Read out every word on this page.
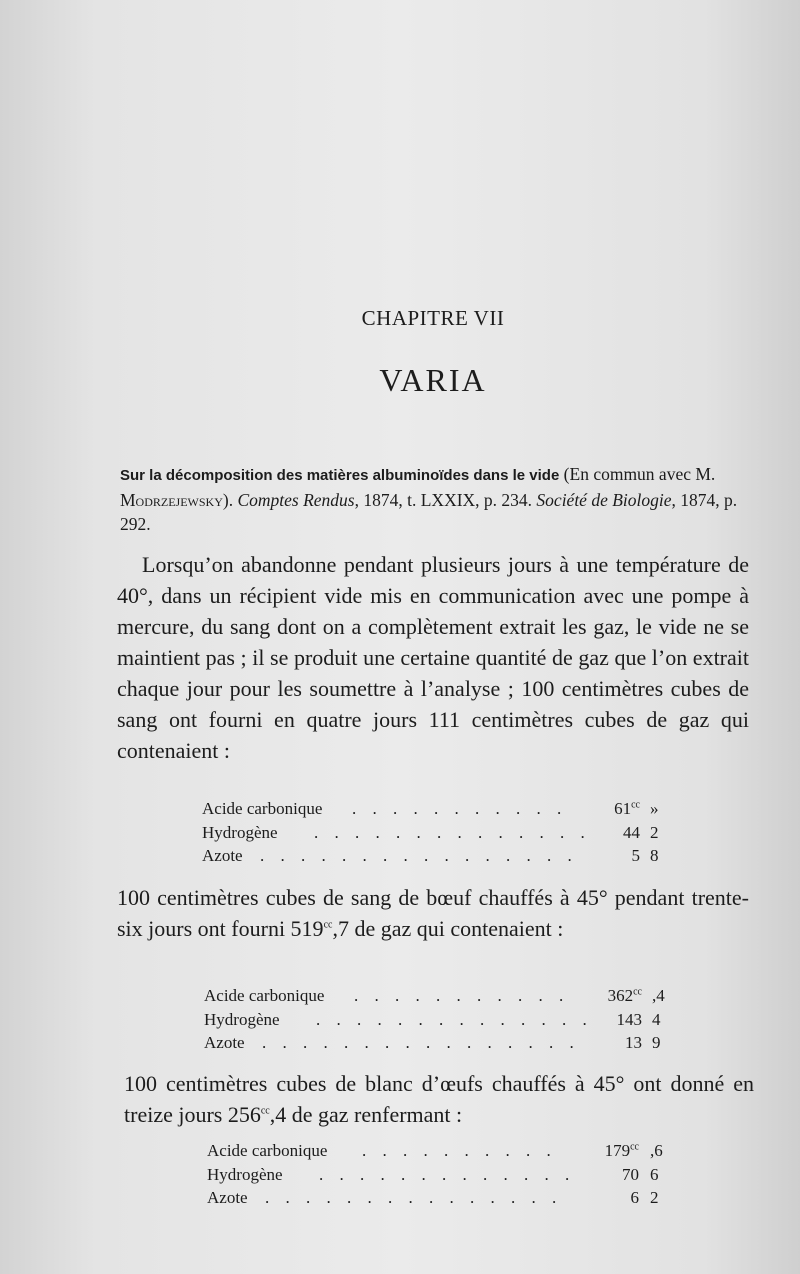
CHAPITRE VII
VARIA
Sur la décomposition des matières albuminoïdes dans le vide (En commun avec M. Modrzejewsky). Comptes Rendus, 1874, t. LXXIX, p. 234. Société de Biologie, 1874, p. 292.
Lorsqu’on abandonne pendant plusieurs jours à une température de 40°, dans un récipient vide mis en communication avec une pompe à mercure, du sang dont on a complètement extrait les gaz, le vide ne se maintient pas ; il se produit une certaine quantité de gaz que l’on extrait chaque jour pour les soumettre à l’analyse ; 100 centimètres cubes de sang ont fourni en quatre jours 111 centimètres cubes de gaz qui contenaient :
Acide carbonique . . . . . . . . . . .	$61^{cc}$ »
Hydrogène . . . . . . . . . . . . . . 44 2
Azote . . . . . . . . . . . . . . . .	5 8
100 centimètres cubes de sang de bœuf chauffés à 45° pendant trente-six jours ont fourni $519^{cc},7$ de gaz qui contenaient :
Acide carbonique . . . . . . . . . . . $362^{cc}$ ,4
Hydrogène . . . . . . . . . . . . . . 143 4
Azote . . . . . . . . . . . . . . . .	13 9
100 centimètres cubes de blanc d’œufs chauffés à 45° ont donné en treize jours $256^{cc},4$ de gaz renfermant :
Acide carbonique . . . . . . . . . .	$179^{cc}$ ,6
Hydrogène . . . . . . . . . . . . .	70 6
Azote . . . . . . . . . . . . . . .	6 2
